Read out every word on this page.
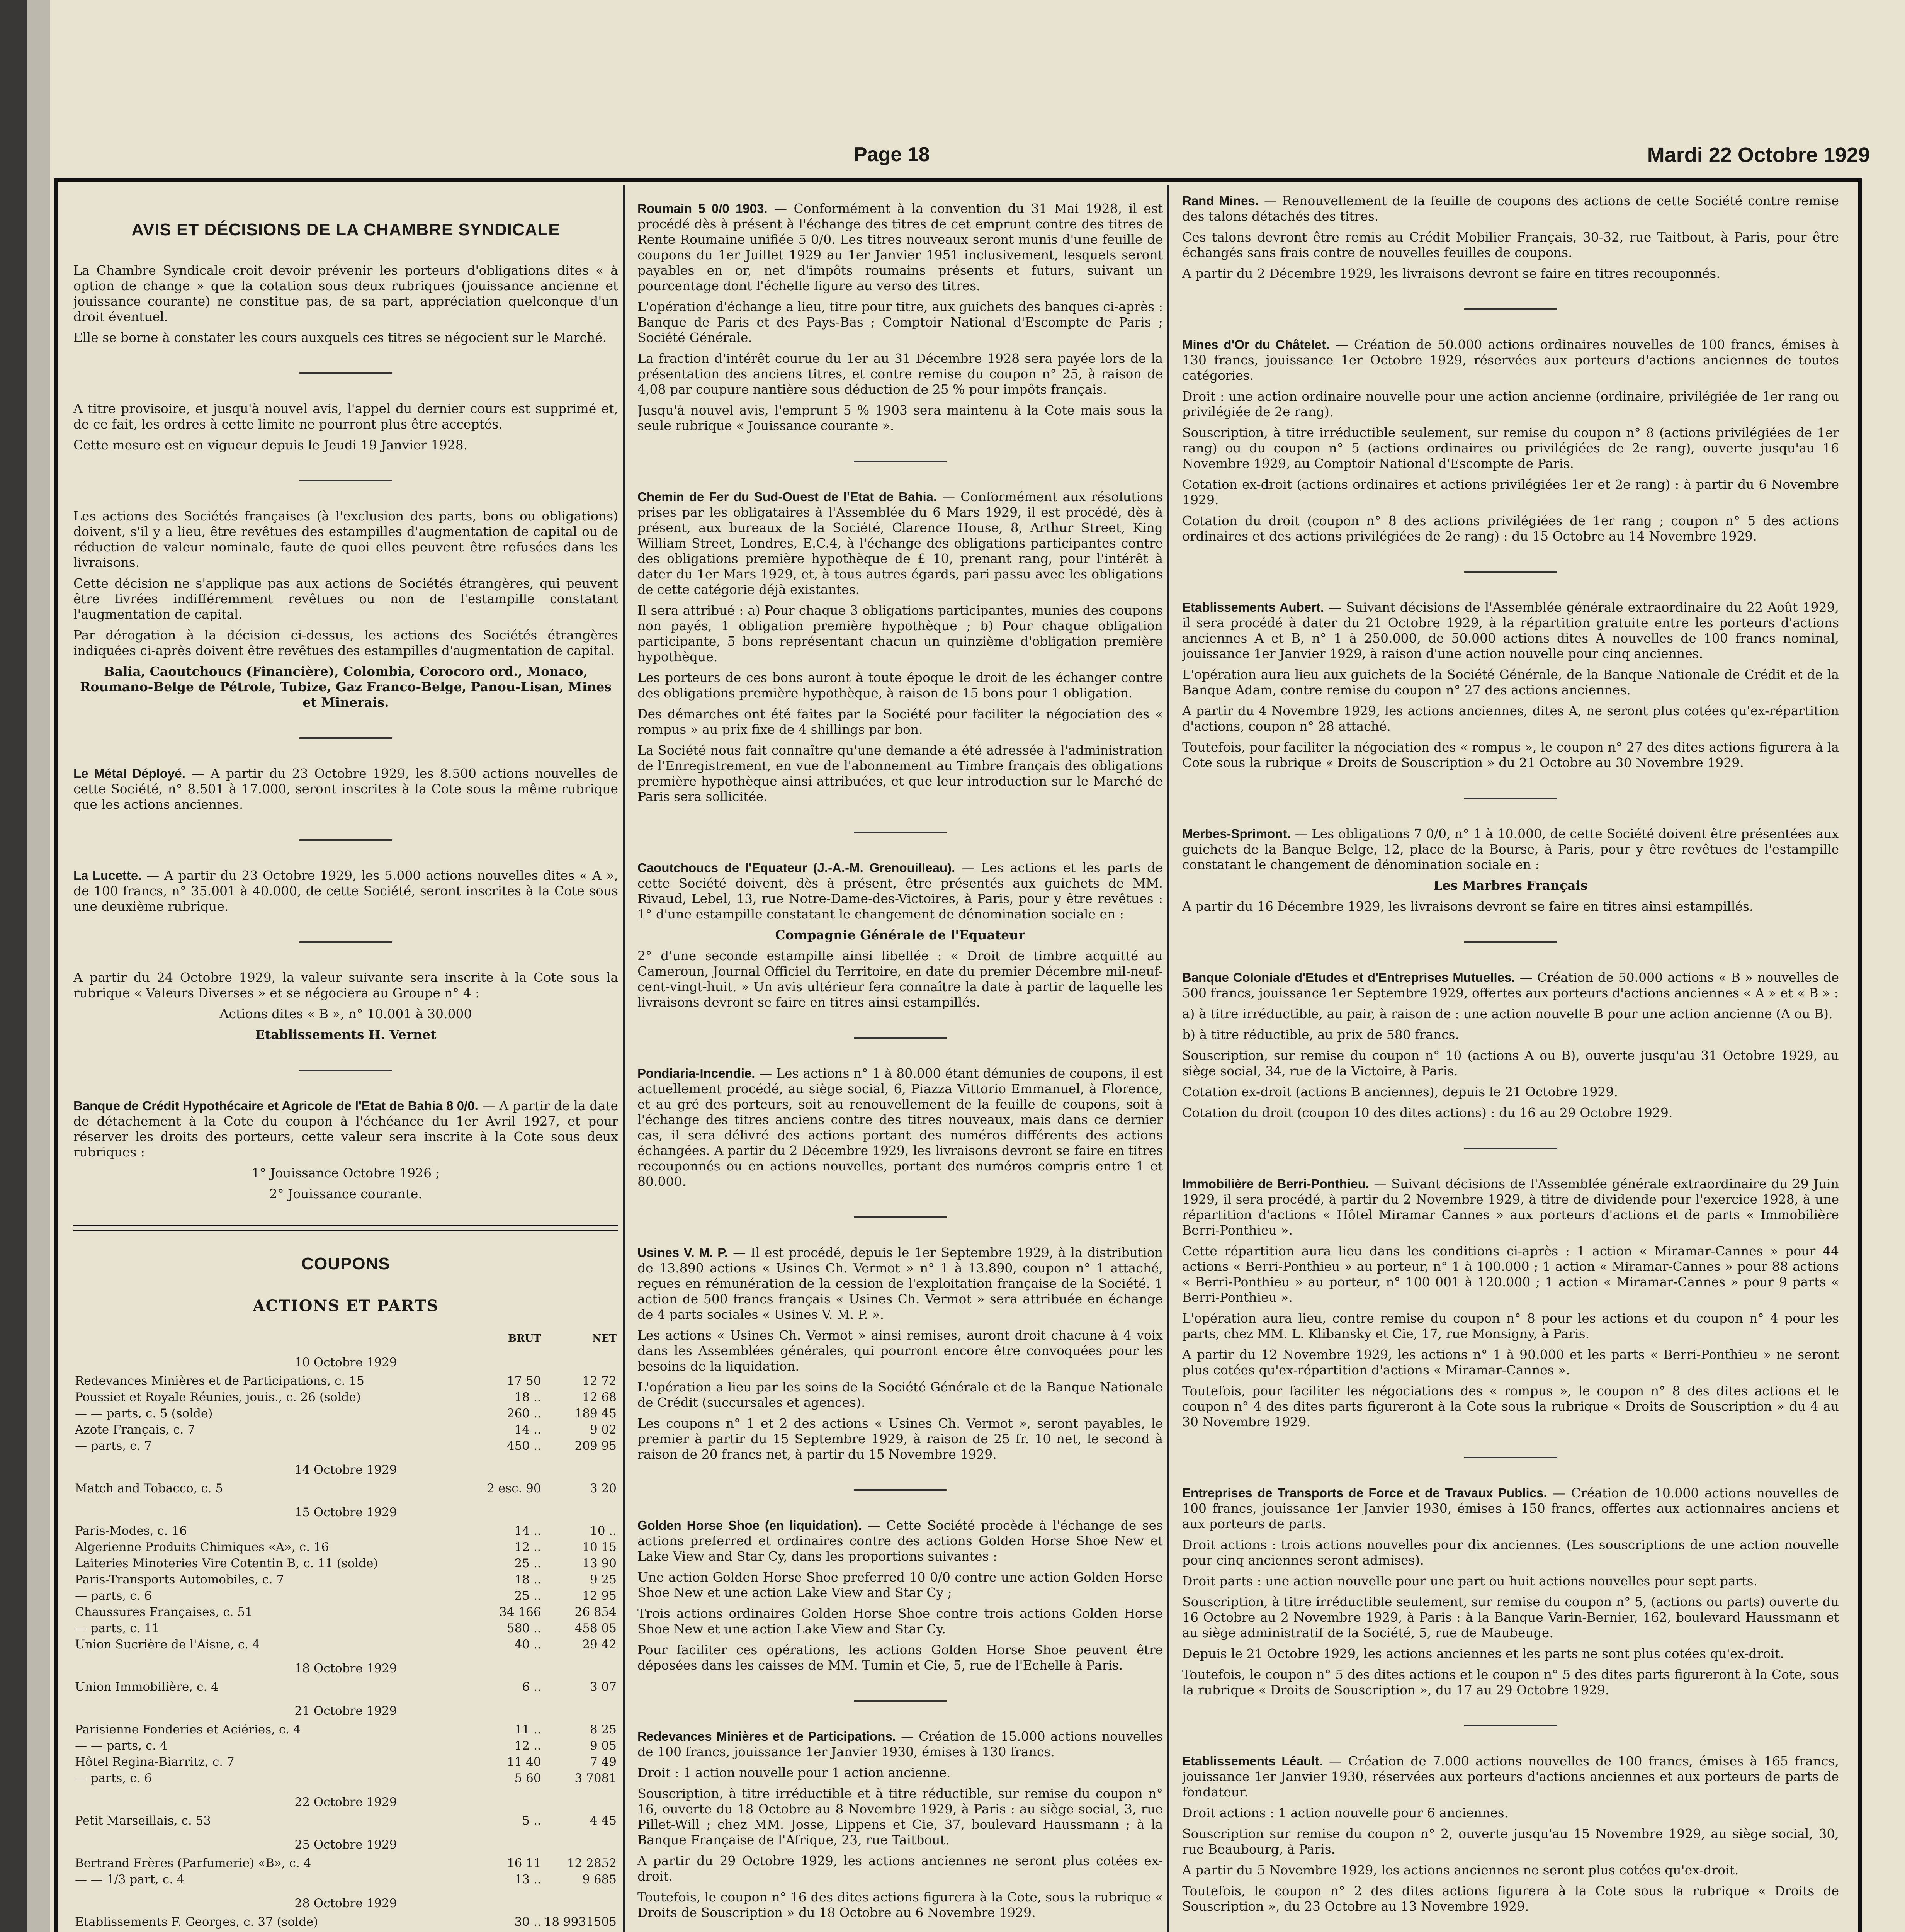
Page 18	Mardi 22 Octobre 1929
AVIS ET DÉCISIONS DE LA CHAMBRE SYNDICALE

La Chambre Syndicale croit devoir prévenir les porteurs d'obligations dites « à option de change » que la cotation sous deux rubriques (jouissance ancienne et jouissance courante) ne constitue pas, de sa part, appréciation quelconque d'un droit éventuel.

Elle se borne à constater les cours auxquels ces titres se négocient sur le Marché.

A titre provisoire, et jusqu'à nouvel avis, l'appel du dernier cours est supprimé et, de ce fait, les ordres à cette limite ne pourront plus être acceptés.

Cette mesure est en vigueur depuis le Jeudi 19 Janvier 1928.

Les actions des Sociétés françaises (à l'exclusion des parts, bons ou obligations) doivent, s'il y a lieu, être revêtues des estampilles d'augmentation de capital ou de réduction de valeur nominale, faute de quoi elles peuvent être refusées dans les livraisons.

Cette décision ne s'applique pas aux actions de Sociétés étrangères, qui peuvent être livrées indifféremment revêtues ou non de l'estampille constatant l'augmentation de capital.

Par dérogation à la décision ci-dessus, les actions des Sociétés étrangères indiquées ci-après doivent être revêtues des estampilles d'augmentation de capital.

Balia, Caoutchoucs (Financière), Colombia, Corocoro ord., Monaco, Roumano-Belge de Pétrole, Tubize, Gaz Franco-Belge, Panou-Lisan, Mines et Minerais.

Le Métal Déployé. — A partir du 23 Octobre 1929, les 8.500 actions nouvelles de cette Société, n° 8.501 à 17.000, seront inscrites à la Cote sous la même rubrique que les actions anciennes.

La Lucette. — A partir du 23 Octobre 1929, les 5.000 actions nouvelles dites « A », de 100 francs, n° 35.001 à 40.000, de cette Société, seront inscrites à la Cote sous une deuxième rubrique.

A partir du 24 Octobre 1929, la valeur suivante sera inscrite à la Cote sous la rubrique « Valeurs Diverses » et se négociera au Groupe n° 4 :

Actions dites « B », n° 10.001 à 30.000

Etablissements H. Vernet

Banque de Crédit Hypothécaire et Agricole de l'Etat de Bahia 8 0/0. — A partir de la date de détachement à la Cote du coupon à l'échéance du 1er Avril 1927, et pour réserver les droits des porteurs, cette valeur sera inscrite à la Cote sous deux rubriques :

1° Jouissance Octobre 1926 ;

2° Jouissance courante.

COUPONS
ACTIONS ET PARTS
	BRUT	NET
10 Octobre 1929		
Redevances Minières et de Participations, c. 15	17 50	12 72
Poussiet et Royale Réunies, jouis., c. 26 (solde)	18 ..	12 68
— — parts, c. 5 (solde)	260 ..	189 45
Azote Français, c. 7	14 ..	9 02
— parts, c. 7	450 ..	209 95
14 Octobre 1929		
Match and Tobacco, c. 5	2 esc. 90	3 20
15 Octobre 1929		
Paris-Modes, c. 16	14 ..	10 ..
Algerienne Produits Chimiques «A», c. 16	12 ..	10 15
Laiteries Minoteries Vire Cotentin B, c. 11 (solde)	25 ..	13 90
Paris-Transports Automobiles, c. 7	18 ..	9 25
— parts, c. 6	25 ..	12 95
Chaussures Françaises, c. 51	34 166	26 854
— parts, c. 11	580 ..	458 05
Union Sucrière de l'Aisne, c. 4	40 ..	29 42
18 Octobre 1929		
Union Immobilière, c. 4	6 ..	3 07
21 Octobre 1929		
Parisienne Fonderies et Aciéries, c. 4	11 ..	8 25
— — parts, c. 4	12 ..	9 05
Hôtel Regina-Biarritz, c. 7	11 40	7 49
— parts, c. 6	5 60	3 7081
22 Octobre 1929		
Petit Marseillais, c. 53	5 ..	4 45
25 Octobre 1929		
Bertrand Frères (Parfumerie) «B», c. 4	16 11	12 2852
— — 1/3 part, c. 4	13 ..	9 685
28 Octobre 1929		
Etablissements F. Georges, c. 37 (solde)	30 ..	18 9931505

Roumain 5 0/0 1903. — Conformément à la convention du 31 Mai 1928, il est procédé dès à présent à l'échange des titres de cet emprunt contre des titres de Rente Roumaine unifiée 5 0/0. Les titres nouveaux seront munis d'une feuille de coupons du 1er Juillet 1929 au 1er Janvier 1951 inclusivement, lesquels seront payables en or, net d'impôts roumains présents et futurs, suivant un pourcentage dont l'échelle figure au verso des titres.

L'opération d'échange a lieu, titre pour titre, aux guichets des banques ci-après : Banque de Paris et des Pays-Bas ; Comptoir National d'Escompte de Paris ; Société Générale.

La fraction d'intérêt courue du 1er au 31 Décembre 1928 sera payée lors de la présentation des anciens titres, et contre remise du coupon n° 25, à raison de 4,08 par coupure nantière sous déduction de 25 % pour impôts français.

Jusqu'à nouvel avis, l'emprunt 5 % 1903 sera maintenu à la Cote mais sous la seule rubrique « Jouissance courante ».

Chemin de Fer du Sud-Ouest de l'Etat de Bahia. — Conformément aux résolutions prises par les obligataires à l'Assemblée du 6 Mars 1929, il est procédé, dès à présent, aux bureaux de la Société, Clarence House, 8, Arthur Street, King William Street, Londres, E.C.4, à l'échange des obligations participantes contre des obligations première hypothèque de £ 10, prenant rang, pour l'intérêt à dater du 1er Mars 1929, et, à tous autres égards, pari passu avec les obligations de cette catégorie déjà existantes.

Il sera attribué : a) Pour chaque 3 obligations participantes, munies des coupons non payés, 1 obligation première hypothèque ; b) Pour chaque obligation participante, 5 bons représentant chacun un quinzième d'obligation première hypothèque.

Les porteurs de ces bons auront à toute époque le droit de les échanger contre des obligations première hypothèque, à raison de 15 bons pour 1 obligation.

Des démarches ont été faites par la Société pour faciliter la négociation des « rompus » au prix fixe de 4 shillings par bon.

La Société nous fait connaître qu'une demande a été adressée à l'administration de l'Enregistrement, en vue de l'abonnement au Timbre français des obligations première hypothèque ainsi attribuées, et que leur introduction sur le Marché de Paris sera sollicitée.

Caoutchoucs de l'Equateur (J.-A.-M. Grenouilleau). — Les actions et les parts de cette Société doivent, dès à présent, être présentés aux guichets de MM. Rivaud, Lebel, 13, rue Notre-Dame-des-Victoires, à Paris, pour y être revêtues : 1° d'une estampille constatant le changement de dénomination sociale en :

Compagnie Générale de l'Equateur

2° d'une seconde estampille ainsi libellée : « Droit de timbre acquitté au Cameroun, Journal Officiel du Territoire, en date du premier Décembre mil-neuf-cent-vingt-huit. » Un avis ultérieur fera connaître la date à partir de laquelle les livraisons devront se faire en titres ainsi estampillés.

Pondiaria-Incendie. — Les actions n° 1 à 80.000 étant démunies de coupons, il est actuellement procédé, au siège social, 6, Piazza Vittorio Emmanuel, à Florence, et au gré des porteurs, soit au renouvellement de la feuille de coupons, soit à l'échange des titres anciens contre des titres nouveaux, mais dans ce dernier cas, il sera délivré des actions portant des numéros différents des actions échangées. A partir du 2 Décembre 1929, les livraisons devront se faire en titres recouponnés ou en actions nouvelles, portant des numéros compris entre 1 et 80.000.

Usines V. M. P. — Il est procédé, depuis le 1er Septembre 1929, à la distribution de 13.890 actions « Usines Ch. Vermot » n° 1 à 13.890, coupon n° 1 attaché, reçues en rémunération de la cession de l'exploitation française de la Société. 1 action de 500 francs français « Usines Ch. Vermot » sera attribuée en échange de 4 parts sociales « Usines V. M. P. ».

Les actions « Usines Ch. Vermot » ainsi remises, auront droit chacune à 4 voix dans les Assemblées générales, qui pourront encore être convoquées pour les besoins de la liquidation.

L'opération a lieu par les soins de la Société Générale et de la Banque Nationale de Crédit (succursales et agences).

Les coupons n° 1 et 2 des actions « Usines Ch. Vermot », seront payables, le premier à partir du 15 Septembre 1929, à raison de 25 fr. 10 net, le second à raison de 20 francs net, à partir du 15 Novembre 1929.

Golden Horse Shoe (en liquidation). — Cette Société procède à l'échange de ses actions preferred et ordinaires contre des actions Golden Horse Shoe New et Lake View and Star Cy, dans les proportions suivantes :

Une action Golden Horse Shoe preferred 10 0/0 contre une action Golden Horse Shoe New et une action Lake View and Star Cy ;

Trois actions ordinaires Golden Horse Shoe contre trois actions Golden Horse Shoe New et une action Lake View and Star Cy.

Pour faciliter ces opérations, les actions Golden Horse Shoe peuvent être déposées dans les caisses de MM. Tumin et Cie, 5, rue de l'Echelle à Paris.

Redevances Minières et de Participations. — Création de 15.000 actions nouvelles de 100 francs, jouissance 1er Janvier 1930, émises à 130 francs.

Droit : 1 action nouvelle pour 1 action ancienne.

Souscription, à titre irréductible et à titre réductible, sur remise du coupon n° 16, ouverte du 18 Octobre au 8 Novembre 1929, à Paris : au siège social, 3, rue Pillet-Will ; chez MM. Josse, Lippens et Cie, 37, boulevard Haussmann ; à la Banque Française de l'Afrique, 23, rue Taitbout.

A partir du 29 Octobre 1929, les actions anciennes ne seront plus cotées ex-droit.

Toutefois, le coupon n° 16 des dites actions figurera à la Cote, sous la rubrique « Droits de Souscription » du 18 Octobre au 6 Novembre 1929.

Rand Mines. — Renouvellement de la feuille de coupons des actions de cette Société contre remise des talons détachés des titres.

Ces talons devront être remis au Crédit Mobilier Français, 30-32, rue Taitbout, à Paris, pour être échangés sans frais contre de nouvelles feuilles de coupons.

A partir du 2 Décembre 1929, les livraisons devront se faire en titres recouponnés.

Mines d'Or du Châtelet. — Création de 50.000 actions ordinaires nouvelles de 100 francs, émises à 130 francs, jouissance 1er Octobre 1929, réservées aux porteurs d'actions anciennes de toutes catégories.

Droit : une action ordinaire nouvelle pour une action ancienne (ordinaire, privilégiée de 1er rang ou privilégiée de 2e rang).

Souscription, à titre irréductible seulement, sur remise du coupon n° 8 (actions privilégiées de 1er rang) ou du coupon n° 5 (actions ordinaires ou privilégiées de 2e rang), ouverte jusqu'au 16 Novembre 1929, au Comptoir National d'Escompte de Paris.

Cotation ex-droit (actions ordinaires et actions privilégiées 1er et 2e rang) : à partir du 6 Novembre 1929.

Cotation du droit (coupon n° 8 des actions privilégiées de 1er rang ; coupon n° 5 des actions ordinaires et des actions privilégiées de 2e rang) : du 15 Octobre au 14 Novembre 1929.

Etablissements Aubert. — Suivant décisions de l'Assemblée générale extraordinaire du 22 Août 1929, il sera procédé à dater du 21 Octobre 1929, à la répartition gratuite entre les porteurs d'actions anciennes A et B, n° 1 à 250.000, de 50.000 actions dites A nouvelles de 100 francs nominal, jouissance 1er Janvier 1929, à raison d'une action nouvelle pour cinq anciennes.

L'opération aura lieu aux guichets de la Société Générale, de la Banque Nationale de Crédit et de la Banque Adam, contre remise du coupon n° 27 des actions anciennes.

A partir du 4 Novembre 1929, les actions anciennes, dites A, ne seront plus cotées qu'ex-répartition d'actions, coupon n° 28 attaché.

Toutefois, pour faciliter la négociation des « rompus », le coupon n° 27 des dites actions figurera à la Cote sous la rubrique « Droits de Souscription » du 21 Octobre au 30 Novembre 1929.

Merbes-Sprimont. — Les obligations 7 0/0, n° 1 à 10.000, de cette Société doivent être présentées aux guichets de la Banque Belge, 12, place de la Bourse, à Paris, pour y être revêtues de l'estampille constatant le changement de dénomination sociale en :

Les Marbres Français

A partir du 16 Décembre 1929, les livraisons devront se faire en titres ainsi estampillés.

Banque Coloniale d'Etudes et d'Entreprises Mutuelles. — Création de 50.000 actions « B » nouvelles de 500 francs, jouissance 1er Septembre 1929, offertes aux porteurs d'actions anciennes « A » et « B » :

a) à titre irréductible, au pair, à raison de : une action nouvelle B pour une action ancienne (A ou B).

b) à titre réductible, au prix de 580 francs.

Souscription, sur remise du coupon n° 10 (actions A ou B), ouverte jusqu'au 31 Octobre 1929, au siège social, 34, rue de la Victoire, à Paris.

Cotation ex-droit (actions B anciennes), depuis le 21 Octobre 1929.

Cotation du droit (coupon 10 des dites actions) : du 16 au 29 Octobre 1929.

Immobilière de Berri-Ponthieu. — Suivant décisions de l'Assemblée générale extraordinaire du 29 Juin 1929, il sera procédé, à partir du 2 Novembre 1929, à titre de dividende pour l'exercice 1928, à une répartition d'actions « Hôtel Miramar Cannes » aux porteurs d'actions et de parts « Immobilière Berri-Ponthieu ».

Cette répartition aura lieu dans les conditions ci-après : 1 action « Miramar-Cannes » pour 44 actions « Berri-Ponthieu » au porteur, n° 1 à 100.000 ; 1 action « Miramar-Cannes » pour 88 actions « Berri-Ponthieu » au porteur, n° 100 001 à 120.000 ; 1 action « Miramar-Cannes » pour 9 parts « Berri-Ponthieu ».

L'opération aura lieu, contre remise du coupon n° 8 pour les actions et du coupon n° 4 pour les parts, chez MM. L. Klibansky et Cie, 17, rue Monsigny, à Paris.

A partir du 12 Novembre 1929, les actions n° 1 à 90.000 et les parts « Berri-Ponthieu » ne seront plus cotées qu'ex-répartition d'actions « Miramar-Cannes ».

Toutefois, pour faciliter les négociations des « rompus », le coupon n° 8 des dites actions et le coupon n° 4 des dites parts figureront à la Cote sous la rubrique « Droits de Souscription » du 4 au 30 Novembre 1929.

Entreprises de Transports de Force et de Travaux Publics. — Création de 10.000 actions nouvelles de 100 francs, jouissance 1er Janvier 1930, émises à 150 francs, offertes aux actionnaires anciens et aux porteurs de parts.

Droit actions : trois actions nouvelles pour dix anciennes. (Les souscriptions de une action nouvelle pour cinq anciennes seront admises).

Droit parts : une action nouvelle pour une part ou huit actions nouvelles pour sept parts.

Souscription, à titre irréductible seulement, sur remise du coupon n° 5, (actions ou parts) ouverte du 16 Octobre au 2 Novembre 1929, à Paris : à la Banque Varin-Bernier, 162, boulevard Haussmann et au siège administratif de la Société, 5, rue de Maubeuge.

Depuis le 21 Octobre 1929, les actions anciennes et les parts ne sont plus cotées qu'ex-droit.

Toutefois, le coupon n° 5 des dites actions et le coupon n° 5 des dites parts figureront à la Cote, sous la rubrique « Droits de Souscription », du 17 au 29 Octobre 1929.

Etablissements Léault. — Création de 7.000 actions nouvelles de 100 francs, émises à 165 francs, jouissance 1er Janvier 1930, réservées aux porteurs d'actions anciennes et aux porteurs de parts de fondateur.

Droit actions : 1 action nouvelle pour 6 anciennes.

Souscription sur remise du coupon n° 2, ouverte jusqu'au 15 Novembre 1929, au siège social, 30, rue Beaubourg, à Paris.

A partir du 5 Novembre 1929, les actions anciennes ne seront plus cotées qu'ex-droit.

Toutefois, le coupon n° 2 des dites actions figurera à la Cote sous la rubrique « Droits de Souscription », du 23 Octobre au 13 Novembre 1929.
